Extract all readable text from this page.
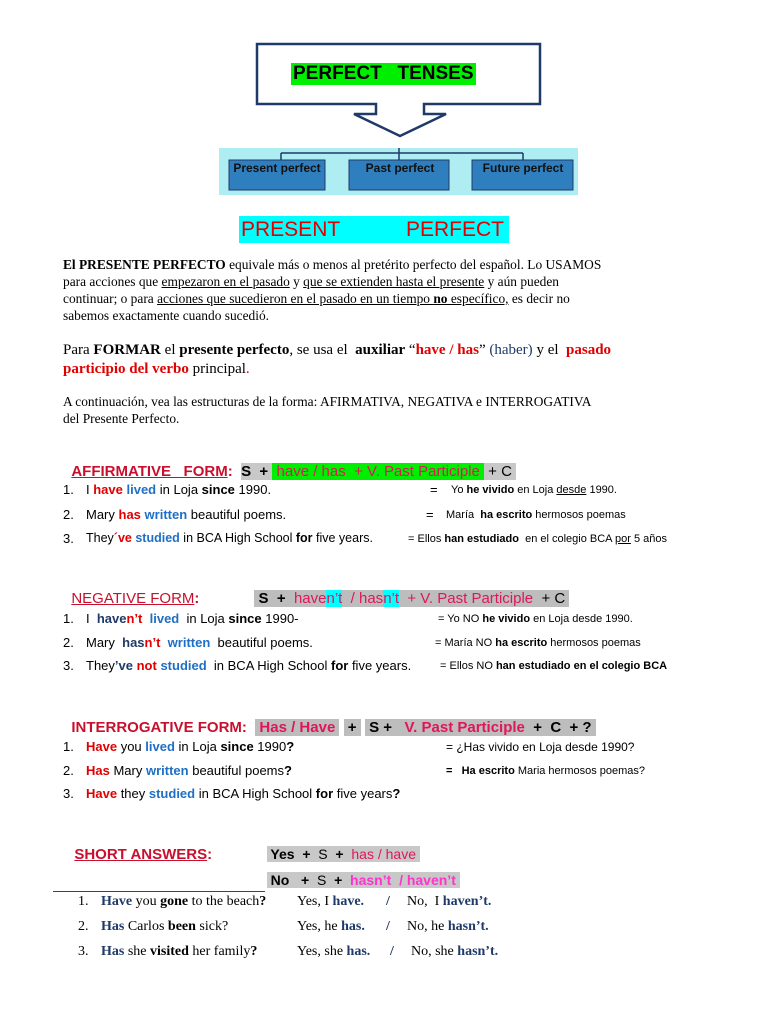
PERFECT   TENSES
Present perfect	Past perfect	Future perfect
PRESENT	PERFECT
El PRESENTE PERFECTO equivale más o menos al pretérito perfecto del español. Lo USAMOS
para acciones que empezaron en el pasado y que se extienden hasta el presente y aún pueden
continuar; o para acciones que sucedieron en el pasado en un tiempo no específico, es decir no
sabemos exactamente cuando sucedió.
Para FORMAR el presente perfecto, se usa el  auxiliar “have / has” (haber) y el  pasado
participio del verbo principal.
A continuación, vea las estructuras de la forma: AFIRMATIVA, NEGATIVA e INTERROGATIVA
del Presente Perfecto.

AFFIRMATIVE   FORM: S  +  have / has  + V. Past Participle  + C

1. I have lived in Loja since 1990.	= Yo he vivido en Loja desde 1990.
2. Mary has written beautiful poems.	= María  ha escrito hermosos poemas
3. They´ve studied in BCA High School for five years.	= Ellos han estudiado  en el colegio BCA por 5 años

NEGATIVE FORM:	S  +  haven’t  / hasn’t  + V. Past Participle  + C

1. I  haven’t lived  in Loja since 1990-	= Yo NO he vivido en Loja desde 1990.
2. Mary  hasn’t written  beautiful poems.	= María NO ha escrito hermosos poemas
3. They’ve not studied  in BCA High School for five years.	= Ellos NO han estudiado en el colegio BCA

INTERROGATIVE FORM:   Has / Have   +   S +   V. Past Participle  +  C  + ?

1. Have you lived in Loja since 1990?	= ¿Has vivido en Loja desde 1990?
2. Has Mary written beautiful poems?	= Ha escrito Maria hermosos poemas?
3. Have they studied in BCA High School for five years?

SHORT ANSWERS:	Yes  +  S  +  has / have

No   +  S  +  hasn’t  / haven’t

1. Have you gone to the beach? Yes, I have. / No,  I haven’t.
2. Has Carlos been sick?	Yes, he has. / No, he hasn’t.
3. Has she visited her family?	Yes, she has. / No, she hasn’t.
